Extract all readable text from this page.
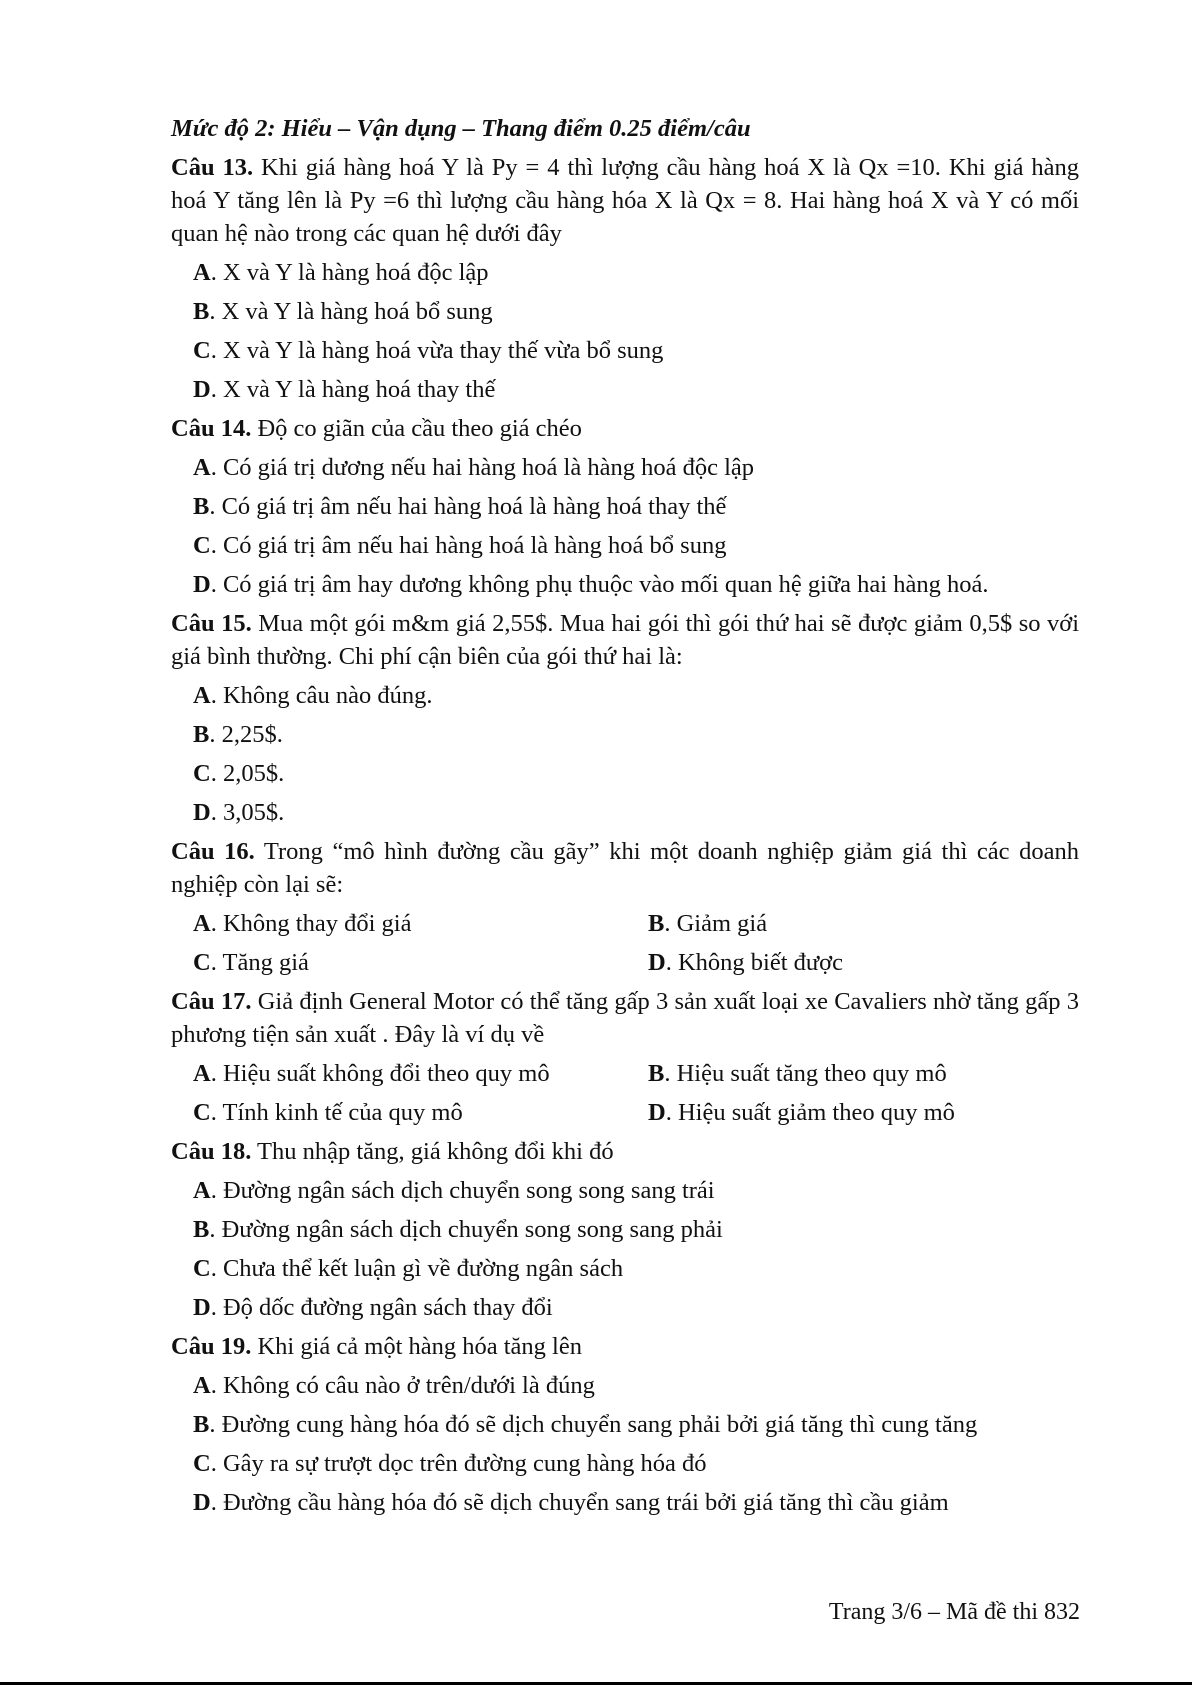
Mức độ 2: Hiểu – Vận dụng – Thang điểm 0.25 điểm/câu
Câu 13. Khi giá hàng hoá Y là Py = 4 thì lượng cầu hàng hoá X là Qx =10. Khi giá hàng hoá Y tăng lên là Py =6 thì lượng cầu hàng hóa X là Qx = 8. Hai hàng hoá X và Y có mối quan hệ nào trong các quan hệ dưới đây
A. X và Y là hàng hoá độc lập
B. X và Y là hàng hoá bổ sung
C. X và Y là hàng hoá vừa thay thế vừa bổ sung
D. X và Y là hàng hoá thay thế
Câu 14. Độ co giãn của cầu theo giá chéo
A. Có giá trị dương nếu hai hàng hoá là hàng hoá độc lập
B. Có giá trị âm nếu hai hàng hoá là hàng hoá thay thế
C. Có giá trị âm nếu hai hàng hoá là hàng hoá bổ sung
D. Có giá trị âm hay dương không phụ thuộc vào mối quan hệ giữa hai hàng hoá.
Câu 15. Mua một gói m&m giá 2,55$. Mua hai gói thì gói thứ hai sẽ được giảm 0,5$ so với giá bình thường. Chi phí cận biên của gói thứ hai là:
A. Không câu nào đúng.
B. 2,25$.
C. 2,05$.
D. 3,05$.
Câu 16. Trong “mô hình đường cầu gãy” khi một doanh nghiệp giảm giá thì các doanh nghiệp còn lại sẽ:
A. Không thay đổi giá	B. Giảm giá
C. Tăng giá	D. Không biết được
Câu 17. Giả định General Motor có thể tăng gấp 3 sản xuất loại xe Cavaliers nhờ tăng gấp 3 phương tiện sản xuất . Đây là ví dụ về
A. Hiệu suất không đổi theo quy mô	B. Hiệu suất tăng theo quy mô
C. Tính kinh tế của quy mô	D. Hiệu suất giảm theo quy mô
Câu 18. Thu nhập tăng, giá không đổi khi đó
A. Đường ngân sách dịch chuyển song song sang trái
B. Đường ngân sách dịch chuyển song song sang phải
C. Chưa thể kết luận gì về đường ngân sách
D. Độ dốc đường ngân sách thay đổi
Câu 19. Khi giá cả một hàng hóa tăng lên
A. Không có câu nào ở trên/dưới là đúng
B. Đường cung hàng hóa đó sẽ dịch chuyển sang phải bởi giá tăng thì cung tăng
C. Gây ra sự trượt dọc trên đường cung hàng hóa đó
D. Đường cầu hàng hóa đó sẽ dịch chuyển sang trái bởi giá tăng thì cầu giảm
Trang 3/6 – Mã đề thi 832
